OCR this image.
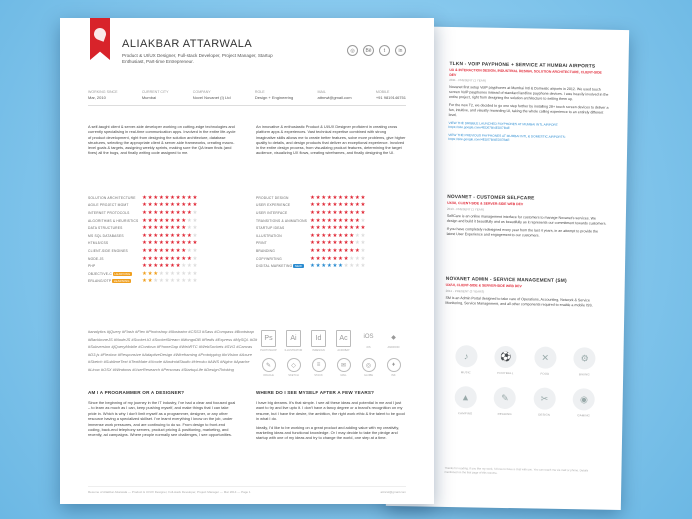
TLKN - VOIP PAYPHONE + SERVICE AT HUMBAI AIRPORTS
UX & INTERACTION DESIGN, INDUSTRIAL DESIGN, SOLUTION ARCHITECTURE, CLIENT-SIDE DEV
2011 - PRESENT (1 YEAR)
Novanet first setup VoIP payphones at Mumbai Intl & Domestic airports in 2012. We used touch screen VoIP payphones instead of standard landline payphone devices. I was heavily involved in the entire project, right from designing the solution architecture to setting them up.
For the new T2, we decided to go one step further by installing 28+ touch screen devices to deliver a fun, intuitive, and visually rewarding UI, taking the whole calling experience to an entirely different level.
VIEW THE DRIBBLE LAUNCHED PAYPHONES AT MUMBAI INTL AIRPORT: https://site.google.com/4ED07B/4ED07B4E
VIEW THE PREVIOUS PAYPHONES AT MUMBAI INTL & DOMESTIC AIRPORTS: https://site.google.com/4ED07B/4ED07B4E
NOVANET - CUSTOMER SELFCARE
UX/UI, CLIENT-SIDE & SERVER-SIDE WEB DEV
2013 - PRESENT (1 YEAR)
SelfCare is an online management interface for customers to manage Novanet's services. We design and build it beautifully and as beautifully as it represents our commitment towards customers.
If you have completely redesigned every year from the last 4 years, in an attempt to provide the latest User Experience and engagement to our customers.
NOVANET ADMIN - SERVICE MANAGEMENT (SM)
UX/UI, CLIENT-SIDE & SERVER-SIDE WEB DEV
2011 - PRESENT (3 YEARS)
SM is an Admin Portal designed to take care of Operations, Accounting, Network & Service Monitoring, Service Management, and all other components required to enable a mobile ISS.
♪
MUSIC
⚽
FOOTBALL
✕
FOOD
⚙
BIKING
▲
CAMPING
✎
READING
✂
DESIGN
◉
GAMING
Thanks for reading. If you like my work, I'd love to have a chat with you. You can reach me via mail or phone. Details mentioned on the first page of this resume.
ALIAKBAR ATTARWALA
Product & UI/UX Designer, Full-stack Developer, Project Manager, Startup Enthusiast, Part-time Entrepreneur.
◎	Bē	t	in
WORKING SINCE
Mar, 2010
CURRENT CITY
Mumbai
COMPANY
Novel Novanet (I) Ltd
ROLE
Design + Engineering
MAIL
attnrwl@gmail.com
MOBILE
+91 9819146751
A self-taught client & server-side developer working on cutting-edge technologies and currently specialising in real-time communication apps. Involved in the entire life-cycle of product development, right from designing the solution architecture, database structures, selecting the appropriate client & server-side frameworks, creating macro-level goals & targets, assigning weekly sprints, making sure the QA team finds (and fixes) all the bugs, and finally writing code assigned to me.
An innovative & enthusiastic Product & UI/UX Designer proficient in creating cross platform apps & experiences. Vast technical expertise combined with strong imaginative skills allows me to create better features, solve more problems, give higher quality to details, and design products that deliver an exceptional experience. Involved in the entire design process, from visualizing product features, determining the target audience, visualizing UX flows, creating wireframes, and finally designing the UI.
SOLUTION ARCHITECTURE	★ ★ ★ ★ ★ ★ ★ ★ ★ ★
AGILE PROJECT MGMT	★ ★ ★ ★ ★ ★ ★ ★ ★ ★
INTERNET PROTOCOLS	★ ★ ★ ★ ★ ★ ★ ★ ★ ★
ALGORITHMS & HEURISTICS ★ ★ ★ ★ ★ ★ ★ ★ ★ ★
DATA STRUCTURES	★ ★ ★ ★ ★ ★ ★ ★ ★ ★
MS SQL DATABASES	★ ★ ★ ★ ★ ★ ★ ★ ★ ★
HTML5/CSS	★ ★ ★ ★ ★ ★ ★ ★ ★ ★
CLIENT-SIDE ENGINES	★ ★ ★ ★ ★ ★ ★ ★ ★ ★
NODE.JS	★ ★ ★ ★ ★ ★ ★ ★ ★ ★
PHP	★ ★ ★ ★ ★ ★ ★ ★ ★ ★
OBJECTIVE-C LEARNING	★ ★ ★ ★ ★ ★ ★ ★ ★ ★
ERLANG/OTP LEARNING	★ ★ ★ ★ ★ ★ ★ ★ ★ ★
PRODUCT DESIGN	★ ★ ★ ★ ★ ★ ★ ★ ★ ★
USER EXPERIENCE	★ ★ ★ ★ ★ ★ ★ ★ ★ ★
USER INTERFACE	★ ★ ★ ★ ★ ★ ★ ★ ★ ★
TRANSITIONS & ANIMATIONS ★ ★ ★ ★ ★ ★ ★ ★ ★ ★
STARTUP IDEAS	★ ★ ★ ★ ★ ★ ★ ★ ★ ★
ILLUSTRATION	★ ★ ★ ★ ★ ★ ★ ★ ★ ★
PRINT	★ ★ ★ ★ ★ ★ ★ ★ ★ ★
BRANDING	★ ★ ★ ★ ★ ★ ★ ★ ★ ★
COPYWRITING	★ ★ ★ ★ ★ ★ ★ ★ ★ ★
DIGITAL MARKETING NEW	★ ★ ★ ★ ★ ★ ★ ★ ★ ★
#analytics #jQuery #Flash #Flex #Photoshop #Illustrator #CSS3 #Sass #Compass #Bootstrap #BackboneJS #NodeJS #Socket.IO #SocketStream #MongoDB #Redis #Express #MySQL #Git #Subversion #jQueryMobile #Cordova #PhoneGap #WebRTC #WebSockets #SVG #Canvas #D3.js #Flexbox #Responsive #AdaptiveDesign #Wireframing #Prototyping #InVision #Axure #Sketch #SublimeText #TextMate #Xcode #AndroidStudio #Heroku #AWS #Nginx #Apache #Linux #OSX #Windows #UserResearch #Personas #StartupLife #DesignThinking
Ps
PHOTOSHOP
Ai
ILLUSTRATOR
Id
INDESIGN
Ac
ACROBAT
iOS
iOS
◆
ANDROID
✎
ORACLE
◇
SKETCH
≡
STACK
✉
MAIL
◎
GLOBE
♦
INK
AM I A PROGRAMMER OR A DESIGNER?

Since the beginning of my journey in the IT industry, I've had a clear and focused goal – to learn as much as I can, keep pushing myself, and make things that I can take pride in. Which is why I don't limit myself as a programmer, designer, or any other resource having a specialized skillset. I've learnt everything I know on the job, under immense work pressures, and are continuing to do so. From design to front-end coding, back-end telephony servers, product pricing & positioning, marketing, and recently, ad campaigns. Where people normally see challenges, I see opportunities.

WHERE DO I SEE MYSELF AFTER A FEW YEARS?

I have big dreams. It's that simple. I see all these ideas and potential in me and I just want to try and live upto it. I don't have a fancy degree or a brand's recognition on my resume, but I have the desire, the ambition, the right work ethic & the talent to be good in what I do.

Ideally, I'd like to be working on a great product and adding value with my creativity, marketing ideas and functional knowledge. Or I may decide to take the pledge and startup with one of my ideas and try to change the world, one step at a time.

Resume of Aliakbar Attarwala — Product & UI/UX Designer, Full-stack Developer, Project Manager — Mar 2014 — Page 1	attnrwl@gmail.com
